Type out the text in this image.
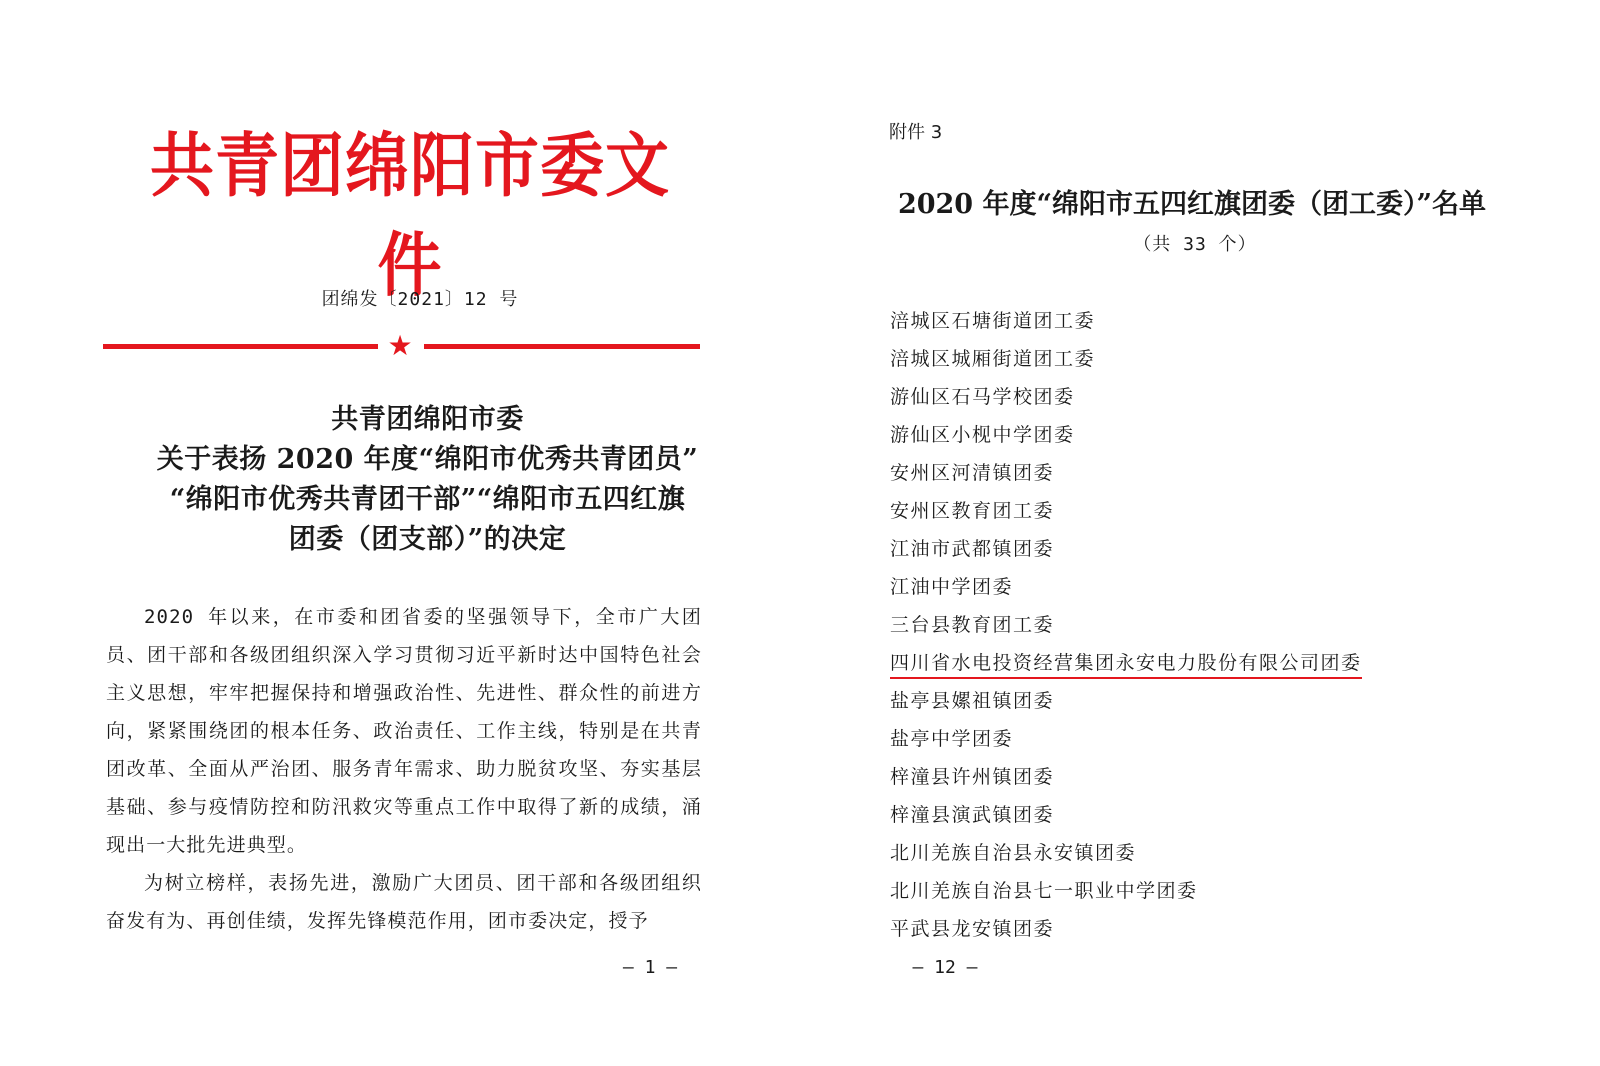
共青团绵阳市委文件
团绵发〔2021〕12 号
★
共青团绵阳市委
关于表扬 2020 年度“绵阳市优秀共青团员”
“绵阳市优秀共青团干部”“绵阳市五四红旗
团委（团支部）”的决定

2020 年以来，在市委和团省委的坚强领导下，全市广大团员、团干部和各级团组织深入学习贯彻习近平新时达中国特色社会主义思想，牢牢把握保持和增强政治性、先进性、群众性的前进方向，紧紧围绕团的根本任务、政治责任、工作主线，特别是在共青团改革、全面从严治团、服务青年需求、助力脱贫攻坚、夯实基层基础、参与疫情防控和防汛救灾等重点工作中取得了新的成绩，涌现出一大批先进典型。

为树立榜样，表扬先进，激励广大团员、团干部和各级团组织奋发有为、再创佳绩，发挥先锋模范作用，团市委决定，授予

— 1 —
附件 3
2020 年度“绵阳市五四红旗团委（团工委）”名单
（共 33 个）
涪城区石塘街道团工委
涪城区城厢街道团工委
游仙区石马学校团委
游仙区小枧中学团委
安州区河清镇团委
安州区教育团工委
江油市武都镇团委
江油中学团委
三台县教育团工委
四川省水电投资经营集团永安电力股份有限公司团委
盐亭县嫘祖镇团委
盐亭中学团委
梓潼县许州镇团委
梓潼县演武镇团委
北川羌族自治县永安镇团委
北川羌族自治县七一职业中学团委
平武县龙安镇团委
— 12 —
